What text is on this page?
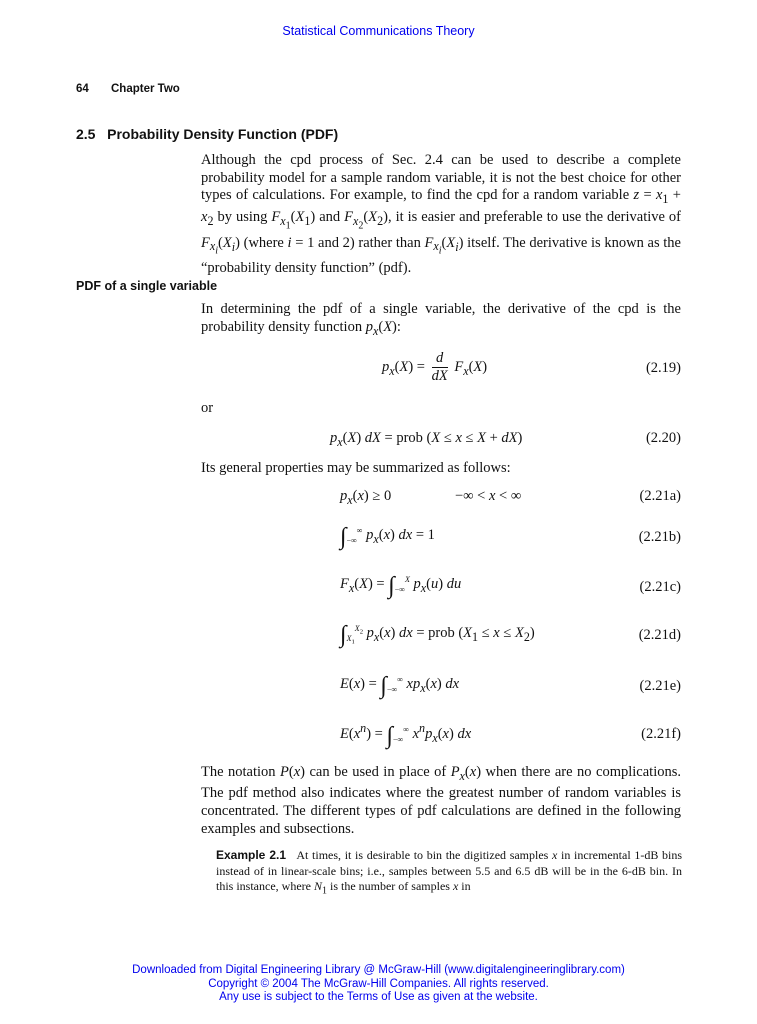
Statistical Communications Theory
64 Chapter Two
2.5   Probability Density Function (PDF)
Although the cpd process of Sec. 2.4 can be used to describe a complete probability model for a sample random variable, it is not the best choice for other types of calculations. For example, to find the cpd for a random variable $z = x_1 + x_2$ by using $F_{x_1}(X_1)$ and $F_{x_2}(X_2)$, it is easier and preferable to use the derivative of $F_{x_i}(X_i)$ (where i = 1 and 2) rather than $F_{x_i}(X_i)$ itself. The derivative is known as the “probability density function” (pdf).
PDF of a single variable
In determining the pdf of a single variable, the derivative of the cpd is the probability density function $p_x(X)$:
$p_x(X) = \frac{d}{dX} F_x(X)$	(2.19)
or
$p_x(X)$ dX = prob (X ≤ x ≤ X + dX)	(2.20)
Its general properties may be summarized as follows:
$p_x(x) \ge 0$	−∞ < x < ∞	(2.21a)
$\int_{-\infty}^\infty$ $p_x(x)$ dx = 1	(2.21b)
$F_x(X) = \int_{-\infty}^X$ $p_x(u)$ du	(2.21c)
$\int_{X_1}^{X_2}$ $p_x(x)$ dx = prob $(X_1 \le x \le X_2)$	(2.21d)
$E(x) = \int_{-\infty}^\infty$ $xp_x(x)$ dx	(2.21e)
$E(x^n) = \int_{-\infty}^\infty$ $x^np_x(x)$ dx	(2.21f)
The notation P(x) can be used in place of $P_x(x)$ when there are no complications. The pdf method also indicates where the greatest number of random variables is concentrated. The different types of pdf calculations are defined in the following examples and subsections.
Example 2.1 At times, it is desirable to bin the digitized samples x in incremental 1-dB bins instead of in linear-scale bins; i.e., samples between 5.5 and 6.5 dB will be in the 6-dB bin. In this instance, where $N_1$ is the number of samples x in
Downloaded from Digital Engineering Library @ McGraw-Hill (www.digitalengineeringlibrary.com)
Copyright © 2004 The McGraw-Hill Companies. All rights reserved.
Any use is subject to the Terms of Use as given at the website.
